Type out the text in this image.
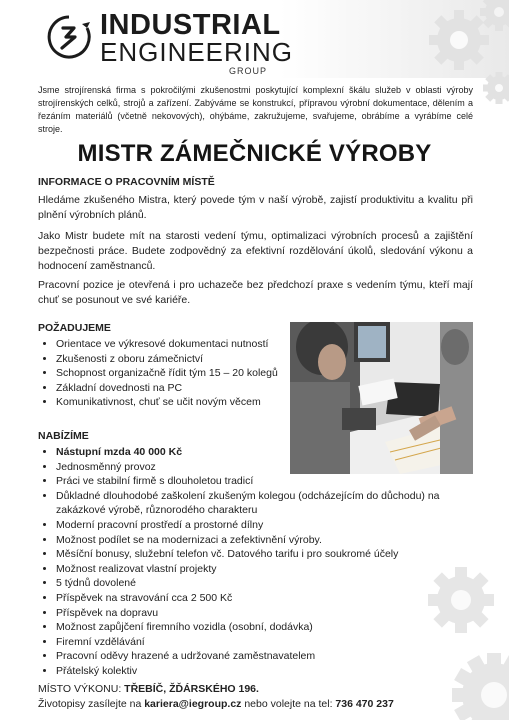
INDUSTRIAL
ENGINEERING
GROUP
Jsme strojírenská firma s pokročilými zkušenostmi poskytující komplexní škálu služeb v oblasti výroby strojírenských celků, strojů a zařízení. Zabýváme se konstrukcí, přípravou výrobní dokumentace, dělením a řezáním materiálů (včetně nekovových), ohýbáme, zakružujeme, svařujeme, obrábíme a vyrábíme celé stroje.
MISTR ZÁMEČNICKÉ VÝROBY
INFORMACE O PRACOVNÍM MÍSTĚ
Hledáme zkušeného Mistra, který povede tým v naší výrobě, zajistí produktivitu a kvalitu při plnění výrobních plánů.
Jako Mistr budete mít na starosti vedení týmu, optimalizaci výrobních procesů a zajištění bezpečnosti práce. Budete zodpovědný za efektivní rozdělování úkolů, sledování výkonu a hodnocení zaměstnanců.
Pracovní pozice je otevřená i pro uchazeče bez předchozí praxe s vedením týmu, kteří mají chuť se posunout ve své kariéře.
POŽADUJEME
• Orientace ve výkresové dokumentaci nutností
• Zkušenosti z oboru zámečnictví
• Schopnost organizačně řídit tým 15 – 20 kolegů
• Základní dovednosti na PC
• Komunikativnost, chuť se učit novým věcem
NABÍZÍME
• Nástupní mzda 40 000 Kč
• Jednosměnný provoz
• Práci ve stabilní firmě s dlouholetou tradicí
• Důkladné dlouhodobé zaškolení zkušeným kolegou (odcházejícím do důchodu) na zakázkové výrobě, různorodého charakteru
• Moderní pracovní prostředí a prostorné dílny
• Možnost podílet se na modernizaci a zefektivnění výroby.
• Měsíční bonusy, služební telefon vč. Datového tarifu i pro soukromé účely
• Možnost realizovat vlastní projekty
• 5 týdnů dovolené
• Příspěvek na stravování cca 2 500 Kč
• Příspěvek na dopravu
• Možnost zapůjčení firemního vozidla (osobní, dodávka)
• Firemní vzdělávání
• Pracovní oděvy hrazené a udržované zaměstnavatelem
• Přátelský kolektiv
MÍSTO VÝKONU: TŘEBÍČ, ŽĎÁRSKÉHO 196.
Životopisy zasílejte na kariera@iegroup.cz nebo volejte na tel: 736 470 237
